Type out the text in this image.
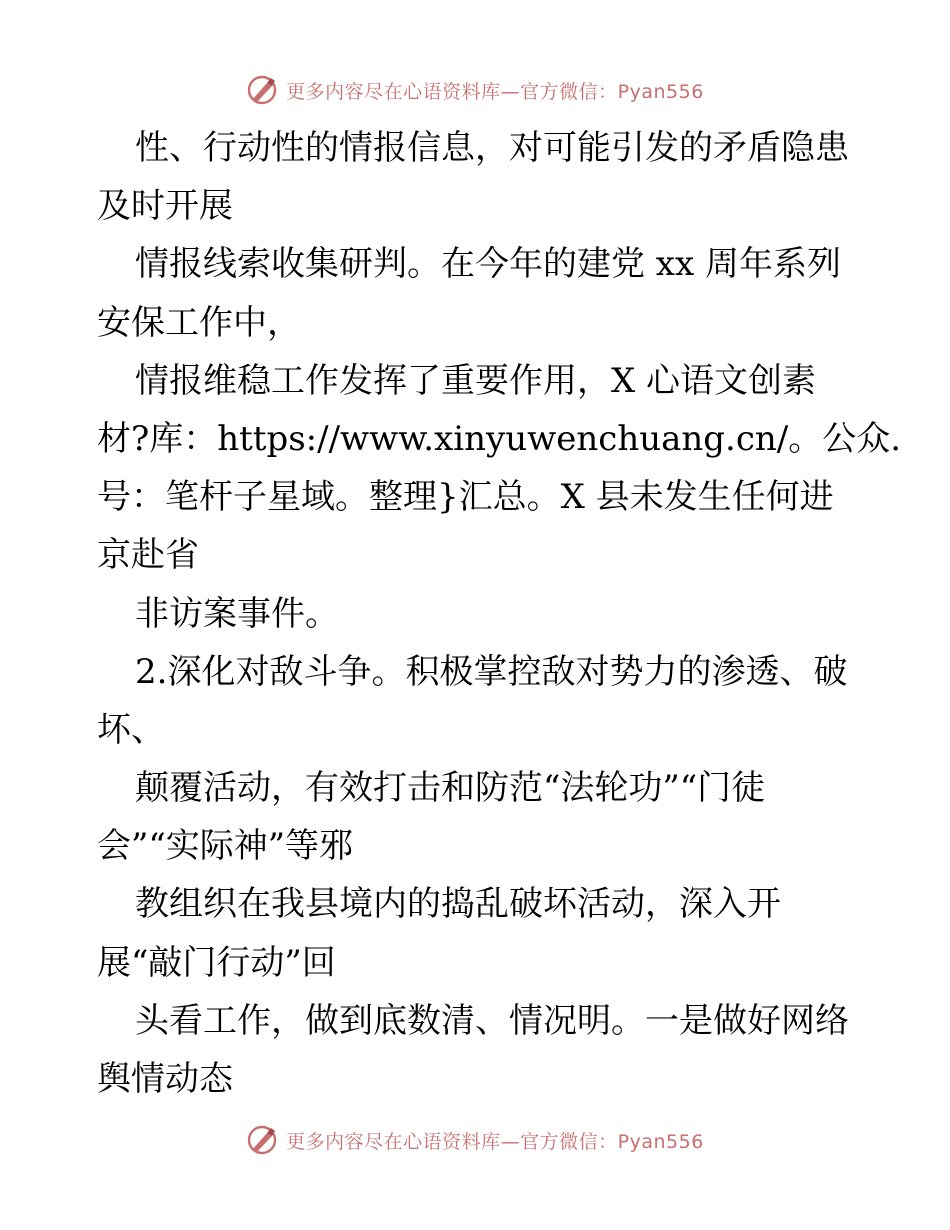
更多内容尽在心语资料库—官方微信：Pyan556
性、行动性的情报信息，对可能引发的矛盾隐患
及时开展
情报线索收集研判。在今年的建党 xx 周年系列
安保工作中，
情报维稳工作发挥了重要作用，X 心语文创素
材?库：https://www.xinyuwenchuang.cn/。公众.
号：笔杆子星域。整理}汇总。X 县未发生任何进
京赴省
非访案事件。
2.深化对敌斗争。积极掌控敌对势力的渗透、破
坏、
颠覆活动，有效打击和防范“法轮功”“门徒
会”“实际神”等邪
教组织在我县境内的捣乱破坏活动，深入开
展“敲门行动”回
头看工作，做到底数清、情况明。一是做好网络
舆情动态
更多内容尽在心语资料库—官方微信：Pyan556
